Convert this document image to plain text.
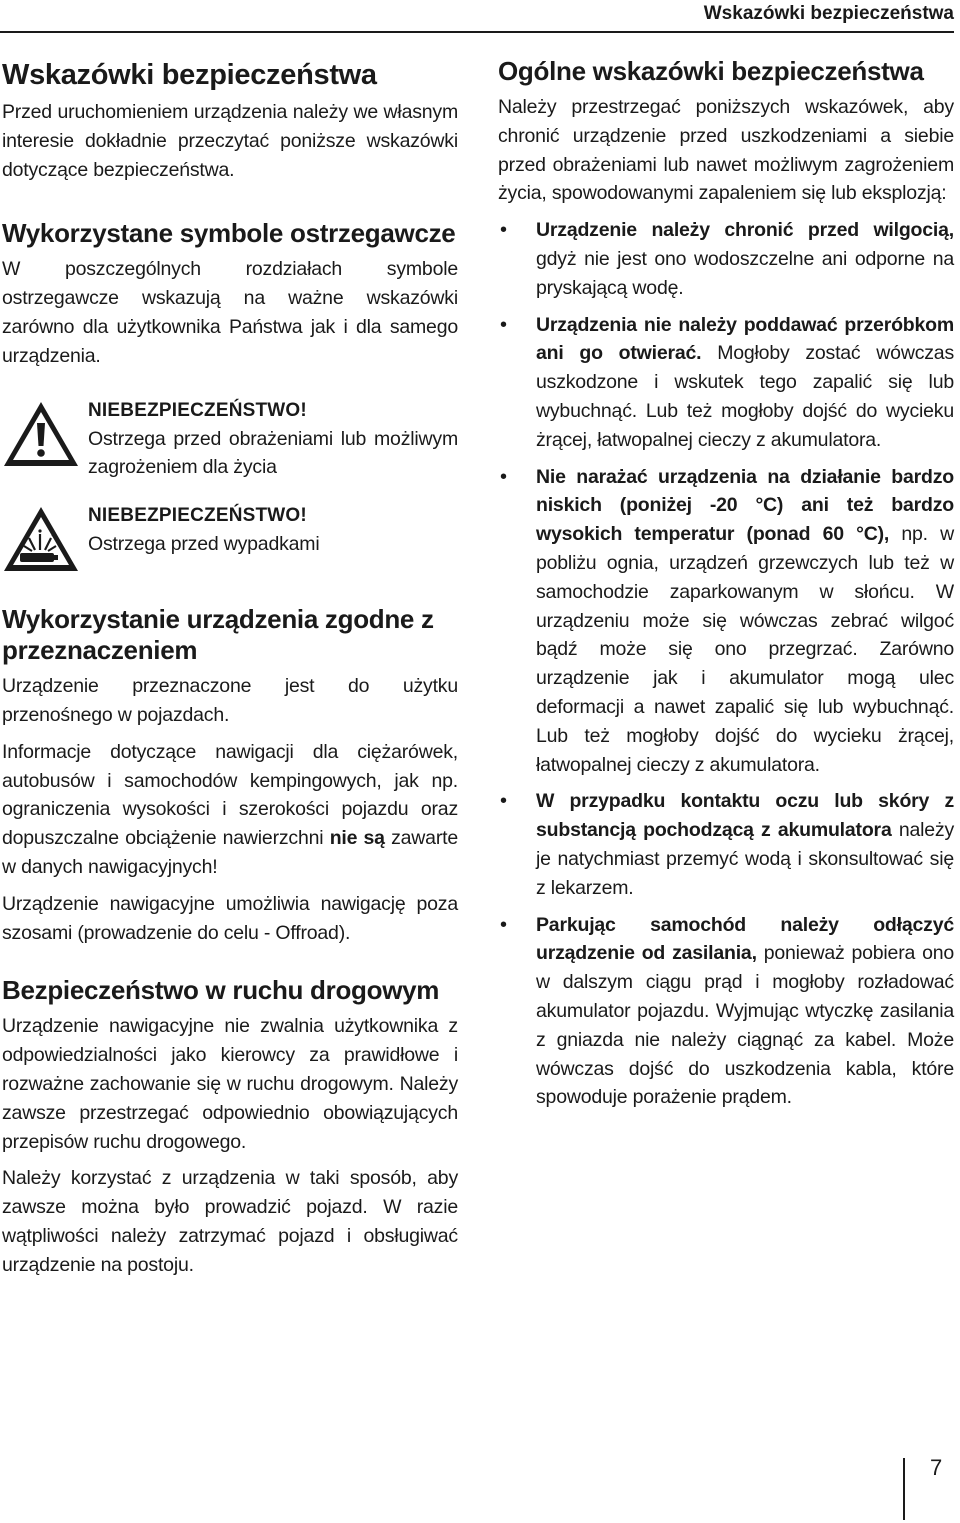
Wskazówki bezpieczeństwa
Wskazówki bezpieczeństwa

Przed uruchomieniem urządzenia należy we własnym interesie dokładnie przeczytać poniższe wskazówki dotyczące bezpieczeństwa.

Wykorzystane symbole ostrzegawcze

W poszczególnych rozdziałach symbole ostrzegawcze wskazują na ważne wskazówki zarówno dla użytkownika Państwa jak i dla samego urządzenia.

NIEBEZPIECZEŃSTWO!
Ostrzega przed obrażeniami lub możliwym zagrożeniem dla życia
NIEBEZPIECZEŃSTWO!
Ostrzega przed wypadkami
Wykorzystanie urządzenia zgodne z przeznaczeniem

Urządzenie przeznaczone jest do użytku przenośnego w pojazdach.

Informacje dotyczące nawigacji dla ciężarówek, autobusów i samochodów kempingowych, jak np. ograniczenia wysokości i szerokości pojazdu oraz dopuszczalne obciążenie nawierzchni nie są zawarte w danych nawigacyjnych!

Urządzenie nawigacyjne umożliwia nawigację poza szosami (prowadzenie do celu - Offroad).

Bezpieczeństwo w ruchu drogowym

Urządzenie nawigacyjne nie zwalnia użytkownika z odpowiedzialności jako kierowcy za prawidłowe i rozważne zachowanie się w ruchu drogowym. Należy zawsze przestrzegać odpowiednio obowiązujących przepisów ruchu drogowego.

Należy korzystać z urządzenia w taki sposób, aby zawsze można było prowadzić pojazd. W razie wątpliwości należy zatrzymać pojazd i obsługiwać urządzenie na postoju.

Ogólne wskazówki bezpieczeństwa

Należy przestrzegać poniższych wskazówek, aby chronić urządzenie przed uszkodzeniami a siebie przed obrażeniami lub nawet możliwym zagrożeniem życia, spowodowanymi zapaleniem się lub eksplozją:

• Urządzenie należy chronić przed wilgocią, gdyż nie jest ono wodoszczelne ani odporne na pryskającą wodę.
• Urządzenia nie należy poddawać przeróbkom ani go otwierać. Mogłoby zostać wówczas uszkodzone i wskutek tego zapalić się lub wybuchnąć. Lub też mogłoby dojść do wycieku żrącej, łatwopalnej cieczy z akumulatora.
• Nie narażać urządzenia na działanie bardzo niskich (poniżej -20 °C) ani też bardzo wysokich temperatur (ponad 60 °C), np. w pobliżu ognia, urządzeń grzewczych lub też w samochodzie zaparkowanym w słońcu. W urządzeniu może się wówczas zebrać wilgoć bądź może się ono przegrzać. Zarówno urządzenie jak i akumulator mogą ulec deformacji a nawet zapalić się lub wybuchnąć. Lub też mogłoby dojść do wycieku żrącej, łatwopalnej cieczy z akumulatora.
• W przypadku kontaktu oczu lub skóry z substancją pochodzącą z akumulatora należy je natychmiast przemyć wodą i skonsultować się z lekarzem.
• Parkując samochód należy odłączyć urządzenie od zasilania, ponieważ pobiera ono w dalszym ciągu prąd i mogłoby rozładować akumulator pojazdu. Wyjmując wtyczkę zasilania z gniazda nie należy ciągnąć za kabel. Może wówczas dojść do uszkodzenia kabla, które spowoduje porażenie prądem.
7
